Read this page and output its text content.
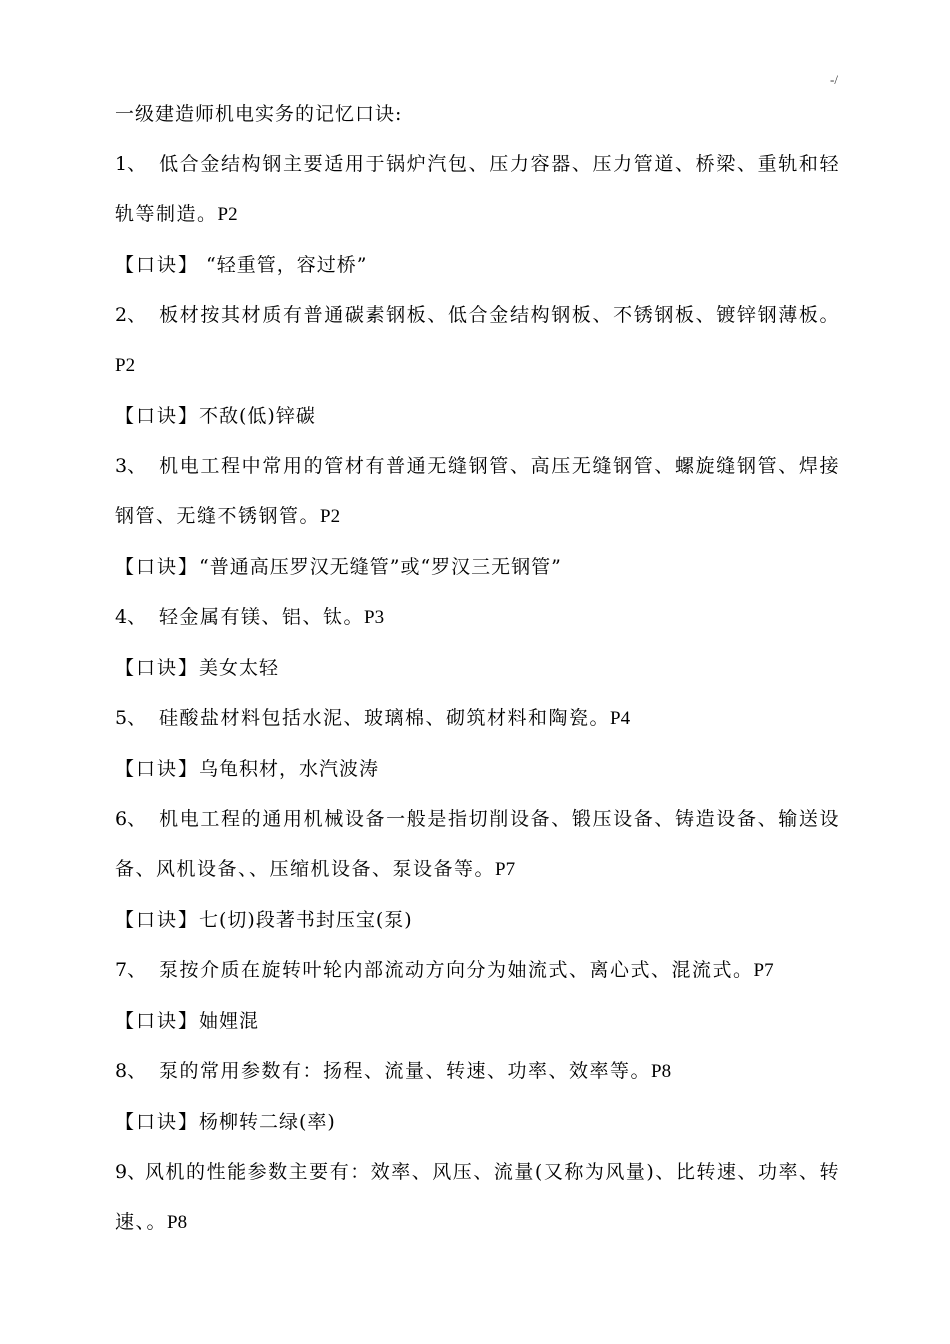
-/
一级建造师机电实务的记忆口诀:
1、 低合金结构钢主要适用于锅炉汽包、压力容器、压力管道、桥梁、重轨和轻轨等制造。P2
【口诀】 “轻重管，容过桥”
2、 板材按其材质有普通碳素钢板、低合金结构钢板、不锈钢板、镀锌钢薄板。P2
【口诀】不敌(低)锌碳
3、 机电工程中常用的管材有普通无缝钢管、高压无缝钢管、螺旋缝钢管、焊接钢管、无缝不锈钢管。P2
【口诀】“普通高压罗汉无缝管”或“罗汉三无钢管”
4、 轻金属有镁、铝、钛。P3
【口诀】美女太轻
5、 硅酸盐材料包括水泥、玻璃棉、砌筑材料和陶瓷。P4
【口诀】乌龟积材，水汽波涛
6、 机电工程的通用机械设备一般是指切削设备、锻压设备、铸造设备、输送设备、风机设备、、压缩机设备、泵设备等。P7
【口诀】七(切)段著书封压宝(泵)
7、 泵按介质在旋转叶轮内部流动方向分为妯流式、离心式、混流式。P7
【口诀】妯娌混
8、 泵的常用参数有：扬程、流量、转速、功率、效率等。P8
【口诀】杨柳转二绿(率)
9、风机的性能参数主要有：效率、风压、流量(又称为风量)、比转速、功率、转速、。P8
